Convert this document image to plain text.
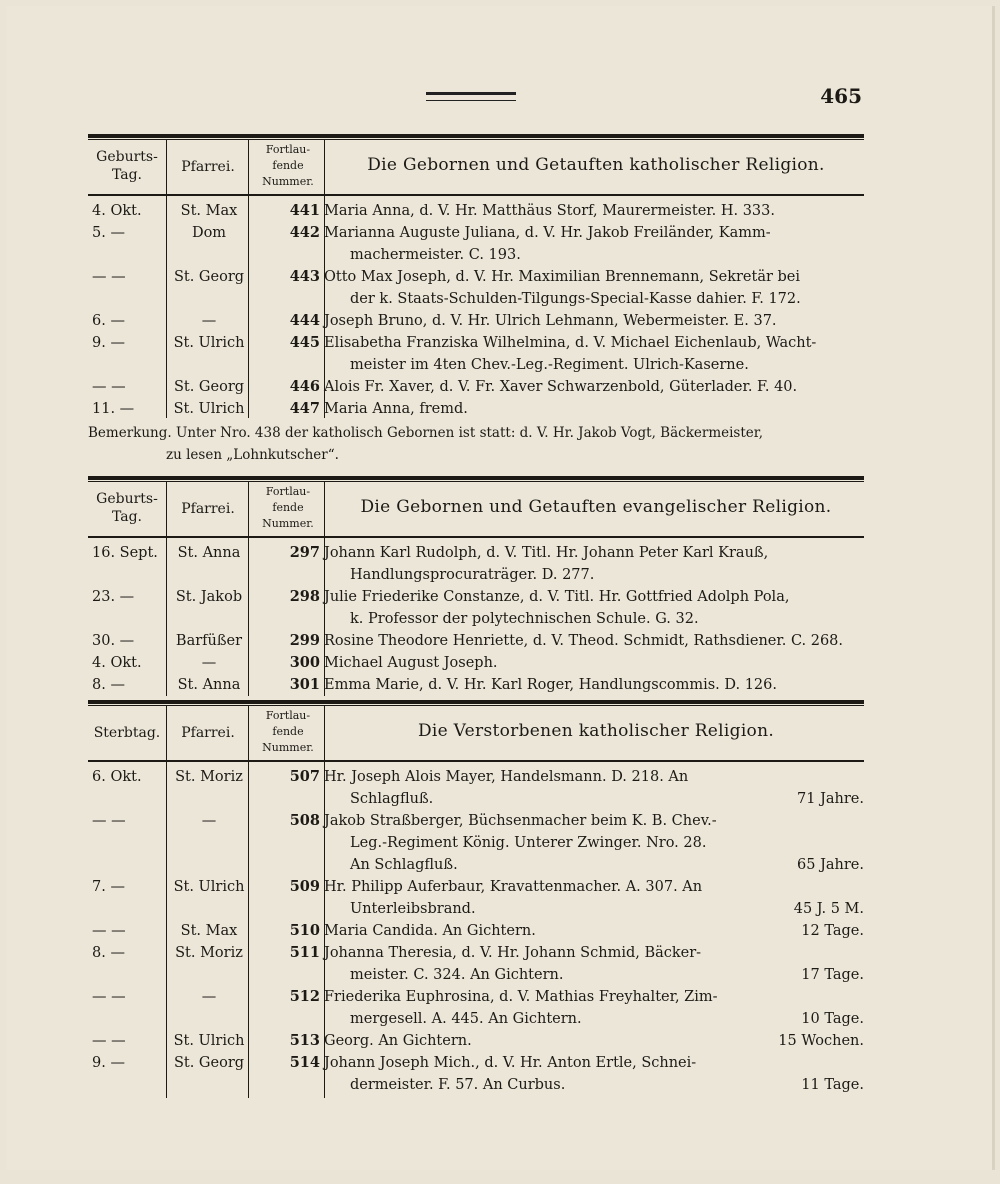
465
Geburts-Tag.	Pfarrei.
Fortlau-fende Nummer.
Die Gebornen und Getauften katholischer Religion.
4. Okt.	St. Max	441 Maria Anna, d. V. Hr. Matthäus Storf, Maurermeister. H. 333.
5. —	Dom	442 Marianna Auguste Juliana, d. V. Hr. Jakob Freiländer, Kamm-
machermeister. C. 193.
— —	St. Georg	443 Otto Max Joseph, d. V. Hr. Maximilian Brennemann, Sekretär bei
der k. Staats-Schulden-Tilgungs-Special-Kasse dahier. F. 172.
6. —	—	444 Joseph Bruno, d. V. Hr. Ulrich Lehmann, Webermeister. E. 37.
9. —	St. Ulrich	445 Elisabetha Franziska Wilhelmina, d. V. Michael Eichenlaub, Wacht-
meister im 4ten Chev.-Leg.-Regiment. Ulrich-Kaserne.
— —	St. Georg	446 Alois Fr. Xaver, d. V. Fr. Xaver Schwarzenbold, Güterlader. F. 40.
11. —	St. Ulrich	447 Maria Anna, fremd.
Bemerkung. Unter Nro. 438 der katholisch Gebornen ist statt: d. V. Hr. Jakob Vogt, Bäckermeister,
zu lesen „Lohnkutscher“.
Geburts-Tag.	Pfarrei.
Fortlau-fende Nummer.
Die Gebornen und Getauften evangelischer Religion.
16. Sept.	St. Anna	297 Johann Karl Rudolph, d. V. Titl. Hr. Johann Peter Karl Krauß,
Handlungsprocuraträger. D. 277.
23. —	St. Jakob	298 Julie Friederike Constanze, d. V. Titl. Hr. Gottfried Adolph Pola,
k. Professor der polytechnischen Schule. G. 32.
30. —	Barfüßer	299 Rosine Theodore Henriette, d. V. Theod. Schmidt, Rathsdiener. C. 268.
4. Okt.	—	300 Michael August Joseph.
8. —	St. Anna	301 Emma Marie, d. V. Hr. Karl Roger, Handlungscommis. D. 126.
Sterbtag.	Pfarrei.
Fortlau-fende Nummer.
Die Verstorbenen katholischer Religion.
6. Okt.	St. Moriz	507 Hr. Joseph Alois Mayer, Handelsmann. D. 218. An
Schlagfluß.	71 Jahre.
— —	—	508 Jakob Straßberger, Büchsenmacher beim K. B. Chev.-
Leg.-Regiment König. Unterer Zwinger. Nro. 28.
An Schlagfluß.	65 Jahre.
7. —	St. Ulrich	509 Hr. Philipp Auferbaur, Kravattenmacher. A. 307. An
Unterleibsbrand.	45 J. 5 M.
— —	St. Max	510 Maria Candida. An Gichtern.	12 Tage.
8. —	St. Moriz	511 Johanna Theresia, d. V. Hr. Johann Schmid, Bäcker-
meister. C. 324. An Gichtern.	17 Tage.
— —	—	512 Friederika Euphrosina, d. V. Mathias Freyhalter, Zim-
mergesell. A. 445. An Gichtern.	10 Tage.
— —	St. Ulrich	513 Georg. An Gichtern.	15 Wochen.
9. —	St. Georg	514 Johann Joseph Mich., d. V. Hr. Anton Ertle, Schnei-
dermeister. F. 57. An Curbus.	11 Tage.
